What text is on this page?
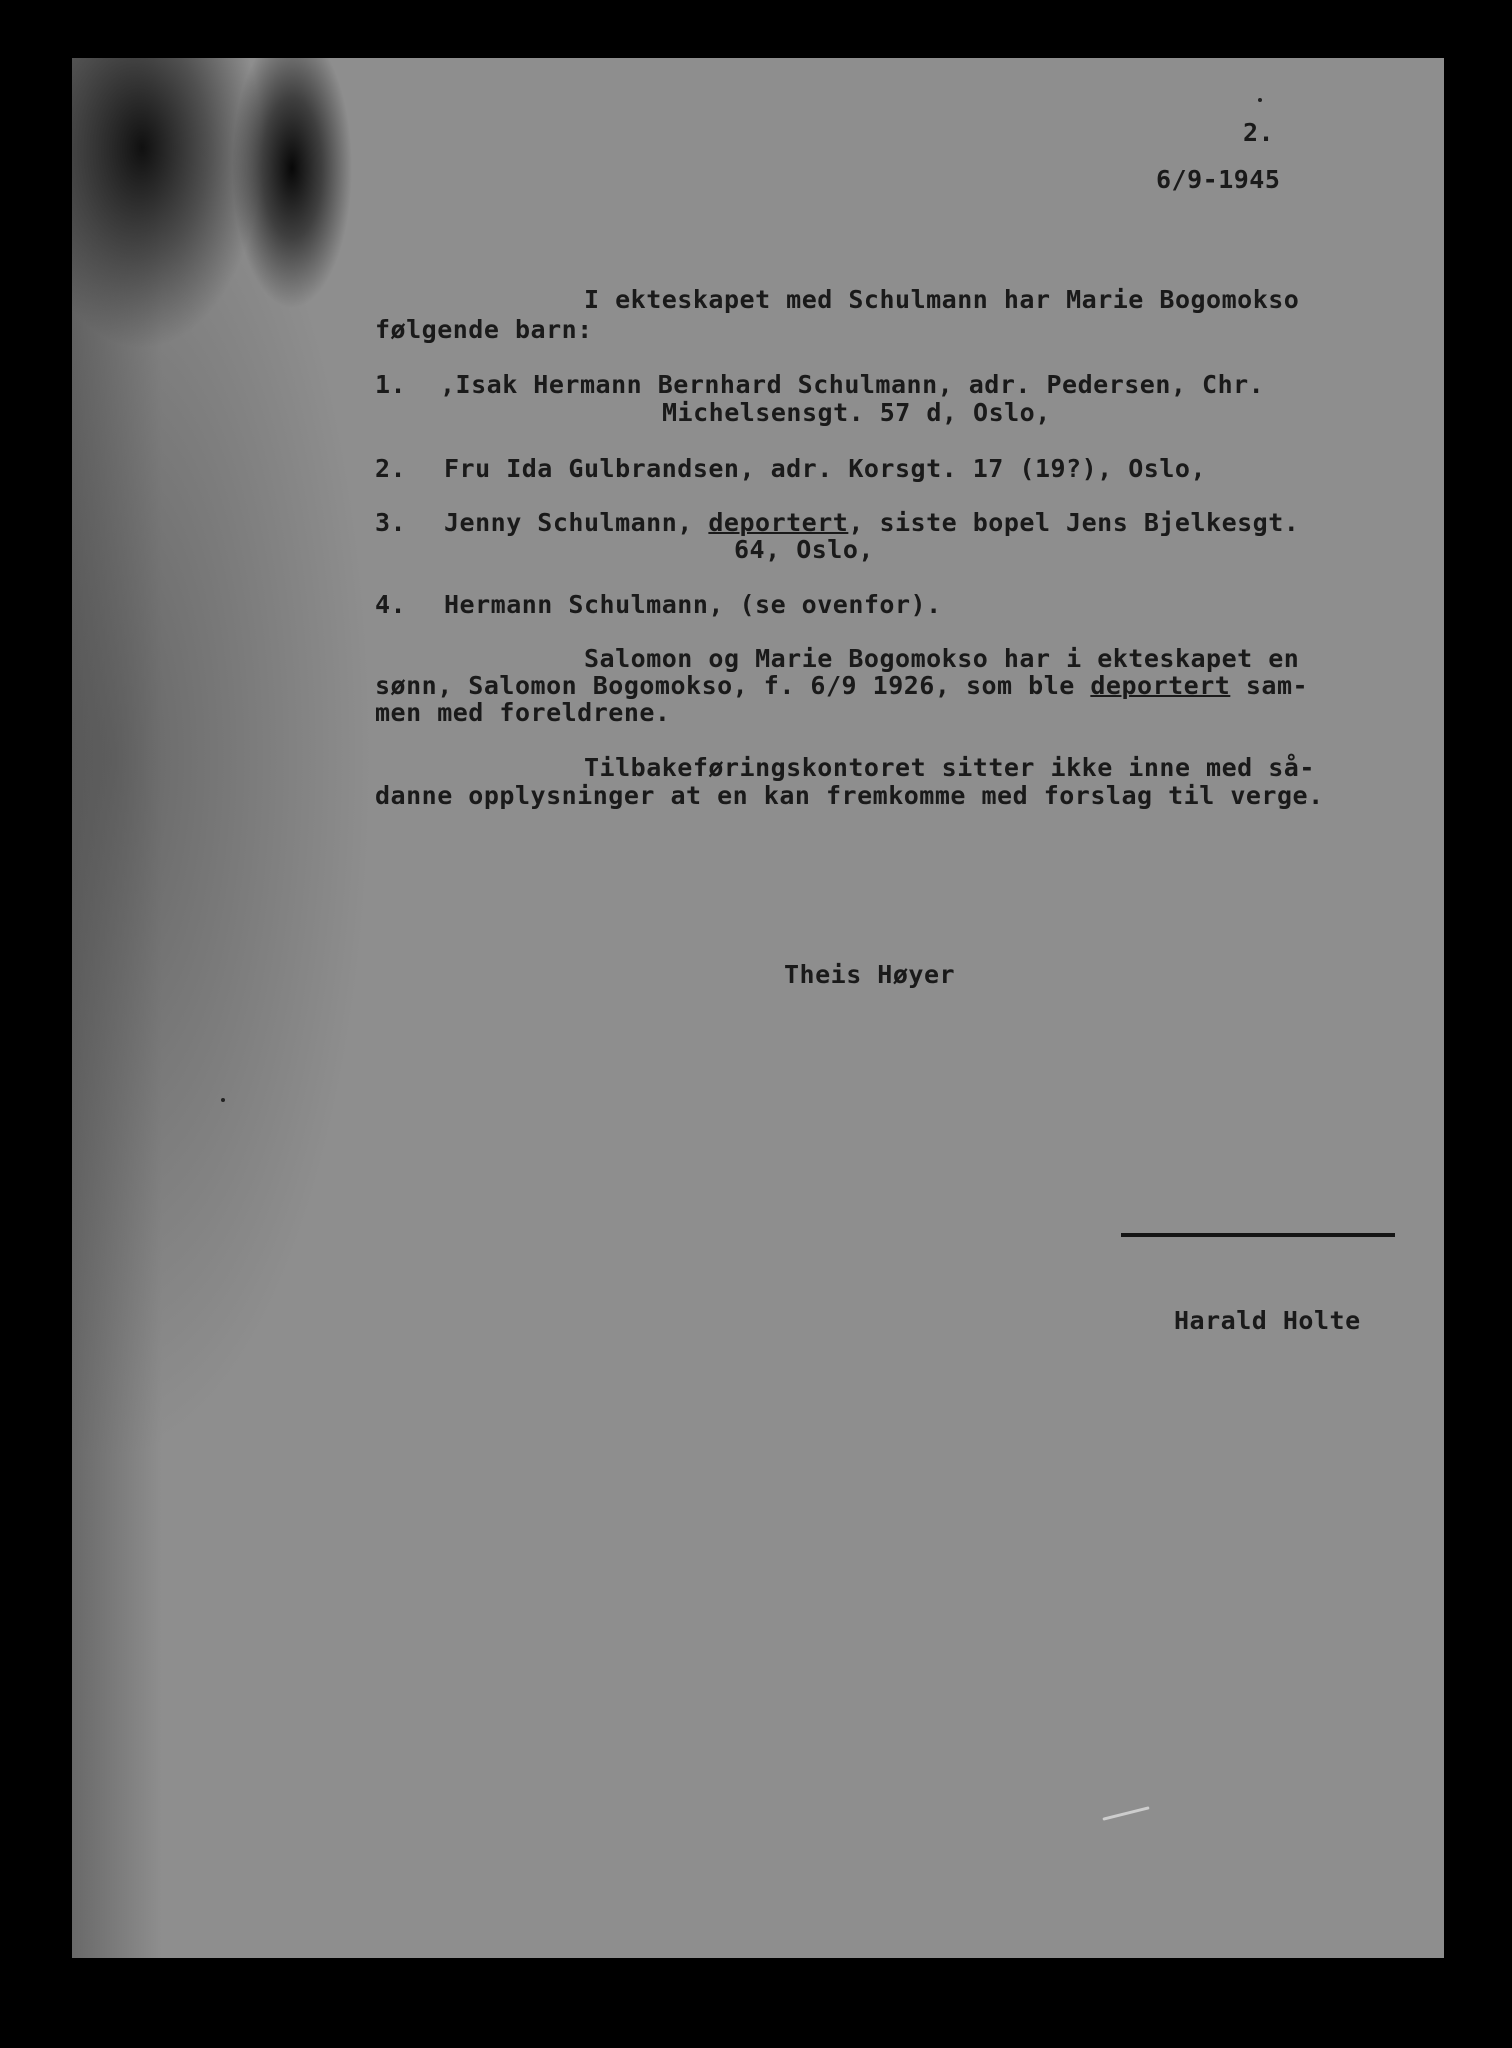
2.
6/9-1945
I ekteskapet med Schulmann har Marie Bogomokso
følgende barn:
1. ,Isak Hermann Bernhard Schulmann, adr. Pedersen, Chr.
Michelsensgt. 57 d, Oslo,
2. Fru Ida Gulbrandsen, adr. Korsgt. 17 (19?), Oslo,
3. Jenny Schulmann, deportert, siste bopel Jens Bjelkesgt.
64, Oslo,
4. Hermann Schulmann, (se ovenfor).
Salomon og Marie Bogomokso har i ekteskapet en
sønn, Salomon Bogomokso, f. 6/9 1926, som ble deportert sam-
men med foreldrene.
Tilbakeføringskontoret sitter ikke inne med så-
danne opplysninger at en kan fremkomme med forslag til verge.
Theis Høyer
Harald Holte
